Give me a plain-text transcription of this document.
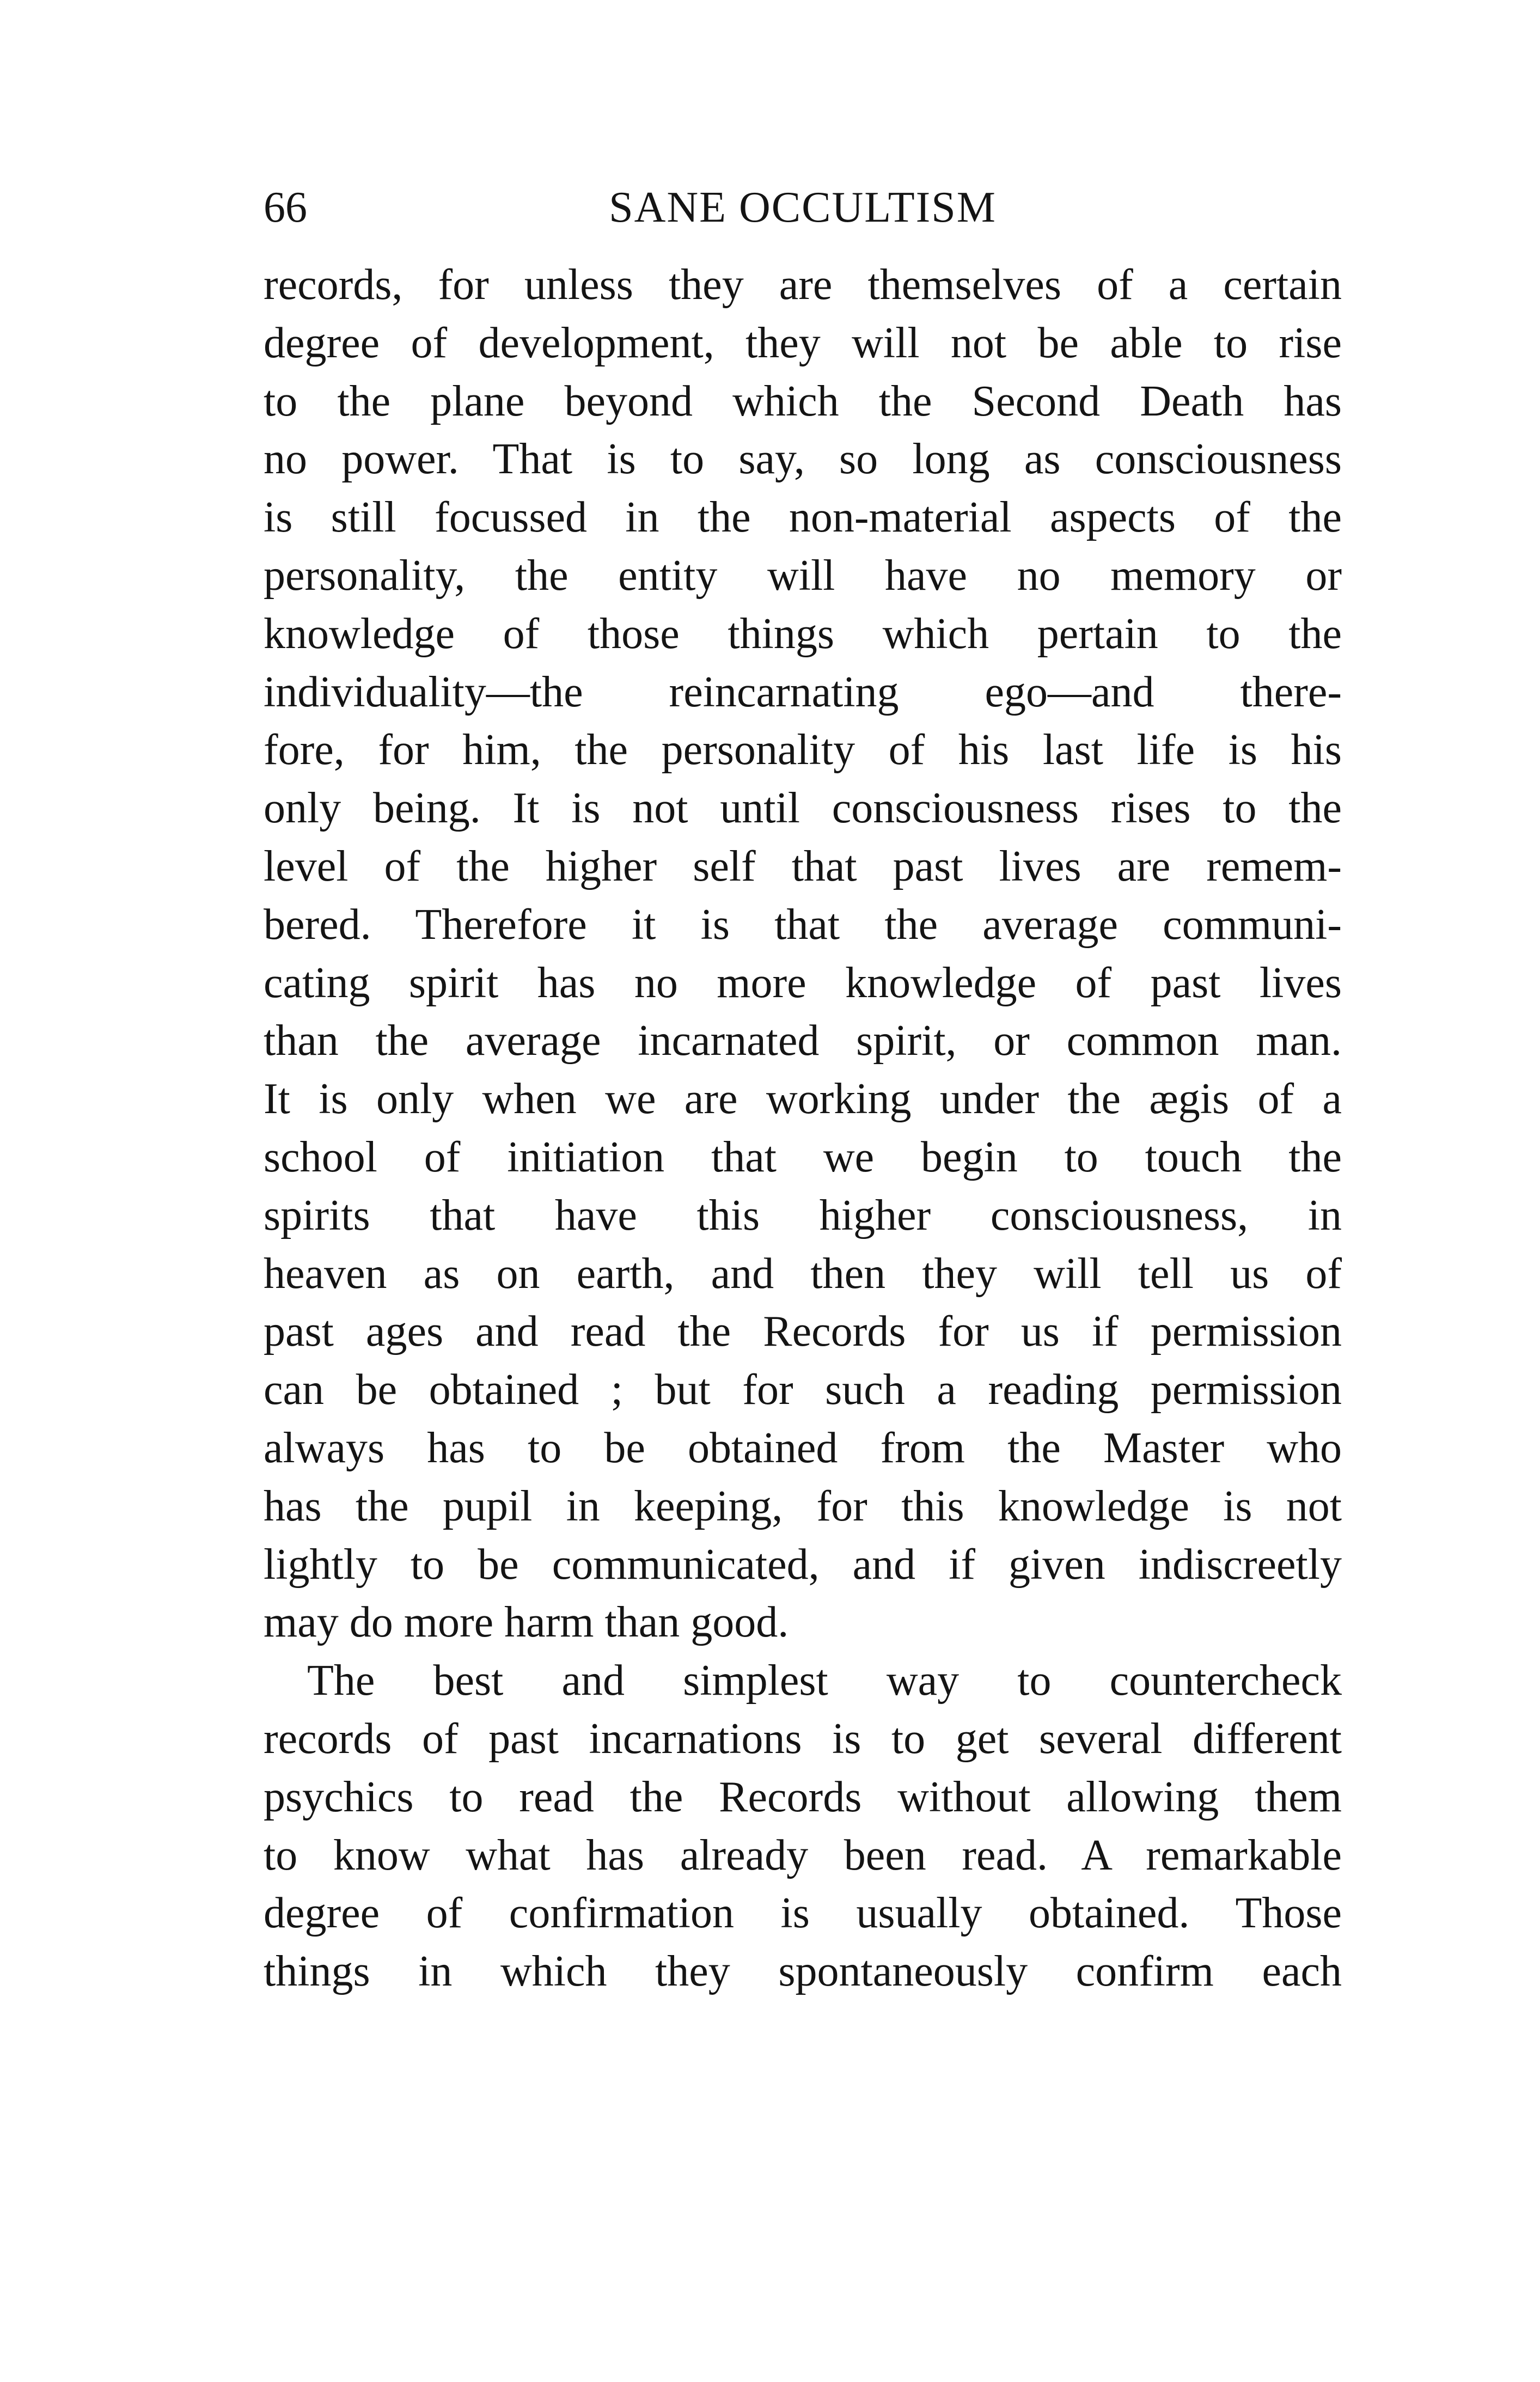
66	SANE OCCULTISM
records, for unless they are themselves of a certain
degree of development, they will not be able to rise
to the plane beyond which the Second Death has
no power. That is to say, so long as consciousness
is still focussed in the non-material aspects of the
personality, the entity will have no memory or
knowledge of those things which pertain to the
individuality—the reincarnating ego—and there-
fore, for him, the personality of his last life is his
only being. It is not until consciousness rises to the
level of the higher self that past lives are remem-
bered. Therefore it is that the average communi-
cating spirit has no more knowledge of past lives
than the average incarnated spirit, or common man.
It is only when we are working under the ægis of a
school of initiation that we begin to touch the
spirits that have this higher consciousness, in
heaven as on earth, and then they will tell us of
past ages and read the Records for us if permission
can be obtained ; but for such a reading permission
always has to be obtained from the Master who
has the pupil in keeping, for this knowledge is not
lightly to be communicated, and if given indiscreetly
may do more harm than good.
The best and simplest way to countercheck
records of past incarnations is to get several different
psychics to read the Records without allowing them
to know what has already been read. A remarkable
degree of confirmation is usually obtained. Those
things in which they spontaneously confirm each
